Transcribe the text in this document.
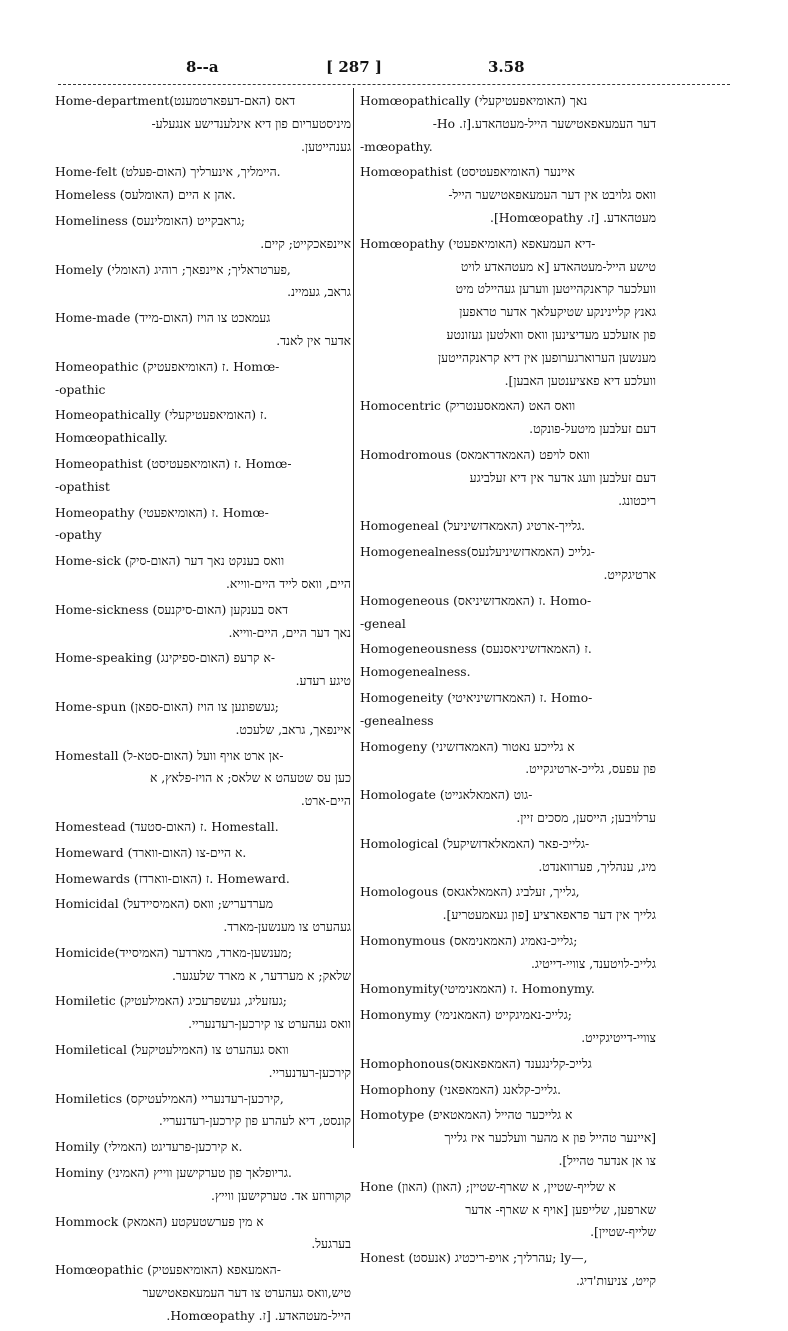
8--a	[ 287 ]	3.58
Home-department(דאס (האם-דעפארטמענט
מיניסטעריום פון דיא אינלענדישע אנגעלע-
גענהייטען.
Home-felt (האום-פעלט) היימליך, אינערליך.
Homeless (האומלעס) אהן א היים.
Homeliness (האומלינעס) גראבקייט;
איינפאכקייט; קיים.
Homely (האומלי) פערטראליך; איינפאך; רוהיג,
גראב, געמיינ.
Home-made (האום-מייד) געמאכט צו הויז
אדער אין לאנד.
Homeopathic (האומיאפעטיק) ז. Homœ-
-opathic
Homeopathically (האומיאפעטיקעלי) ז.
Homœopathically.
Homeopathist (האומיאפעטיסט) ז. Homœ-
-opathist
Homeopathy (האומיאפעטי) ז. Homœ-
-opathy
Home-sick (האום-סיק) וואס בענקט נאך דער
היים, וואס לייד היים-ווייא.
Home-sickness (האום-סיקנעס) דאס בענקען
נאך דער היים, היים-ווייא.
Home-speaking (האום-ספיקינג) א קרעפ-
טיגע רעדע.
Home-spun (האום-ספאן) געשפונען צו הויז;
איינפאך, גראב, שלעכט.
Homestall (האום-סטא-ל) אן ארט אויף וועל-
כען עס שטעהט א שלאס; א הויז-פלאץ, א
היים-ארט.
Homestead (האום-סטעד) ז. Homestall.
Homeward (האום-ווארד) א היים-צו.
Homewards (האום-ווארדז) ז. Homeward.
Homicidal (האמיסיידעל) מערדעריש; וואס
געהערט צו מענשען-מארד.
Homicide(האמיסייד) מענשען-מארד, מארדער;
שלאק; א מערדער, א מארד שלעגער.
Homiletic (האמילעטיק) געזעליג, געשפרעכיג;
וואס געהערט צו קירכען-רעדנעריי.
Homiletical (האמילעטיקעל) וואס געהערט צו
קירכען-רעדנעריי.
Homiletics (האמילעטיקס) קירכען-רעדנעריי,
קונסט, דיא לעהרע פון קירכען-רעדנעריי.
Homily (האמילי) א קירכען-פרעדיגט.
Hominy (האמיני) גריופלאך פון טערקישען ווייץ.
קוקורוזע אד. טערקישען ווייץ.
Hommock (האמאק) א מין פערשטעקטע
בערגעל.
Homœopathic (האומיאפעטיק) האמעאפא-
טיש,וואס געהערט צו דער העמעאפאטישער
הייל-מעטהאדע. [ז. Homœopathy.
Homœopathically (האומיאפעטיקעלי) נאך
דער העמעאפאטישער הייל-מעטהאדע.[ז. Ho-
-mœopathy.
Homœopathist (האומיאפעטיסט) איינער
וואס גלויבט אין דער העמעאפאטישער הייל-
מעטהאדע. [ז. Homœopathy].
Homœopathy (האומיאפעטי) דיא העמעאפא-
טישע הייל-מעטהאדע [א מעטהאדע לויט
וועלכער קראנקהייטען ווערען געהיילט מיט
גאנץ קליינינקע שטיקעלאך אדער טראפען
פון אזעלכע מעדיצינען וואס וואלטען געזונטע
מענשען הערוארגערופען אין דיא קראנקהייטען
וועלכע דיא פאציענטען האבען].
Homocentric (האמאסענטריק) וואס האט
דעם זעלבען מיטעל-פונקט.
Homodromous (האמאדראמאס) וואס לויפט
דעם זעלבען וועג אדער אין דיא זעלביגע
ריכטונג.
Homogeneal (האמאדזשיניעל) גלייך-ארטיג.
Homogenealness(האמאדזשיניעלנעס) גלייכ-
ארטיגקייט.
Homogeneous (האמאדזשיניאס) ז. Homo-
-geneal
Homogeneousness (האמאדזשיניאסנעס) ז.
Homogenealness.
Homogeneity (האמאדזשיניאיטי) ז. Homo-
-genealness
Homogeny (האמאדזשיני) א גלייכע נאטור
פון עפעס, גלייכ-ארטיגקייט.
Homologate (האמאלאגייט) גוט-
ערלויבען; הייסען, מסכים זיין.
Homological (האמאלאדזשיקעל) גלייכ-פאר-
מיג, ענהליך, פערוואנדט.
Homologous (האמאלאגאס) גלייך, זעלביג,
גלייך אין דער פראפארציע [פון געאמעטריע].
Homonymous (האמאנימאס) גלייכ-נאמיג;
גלייכ-לויטענד, צוויי-דייטיג.
Homonymity(האמאנימיטי) ז. Homonymy.
Homonymy (האמאנימי) גלייכ-נאמיגקייט;
צוויי-דייטיגקייט.
Homophonous(האמאפאנאס) גלייכ-קלינגענד
Homophony (האמאפאני) גלייכ-קלאנג.
Homotype (האמאטאיפ) א גלייכער טהייל
[איינער טהייל פון א מהער וועלכער איז גלייך
צו אן אנדער טהייל].
Hone (האון) א שלייף-שטיין, א שארף-שטיין; (האון)
שארפען, שלייפען [אויף א שארף- אדער
שלייף-שטיין].
Honest (אנעסט) עהרליך; אויפ-ריכטיג; ly—,
קייט, צניעות'דיג.
